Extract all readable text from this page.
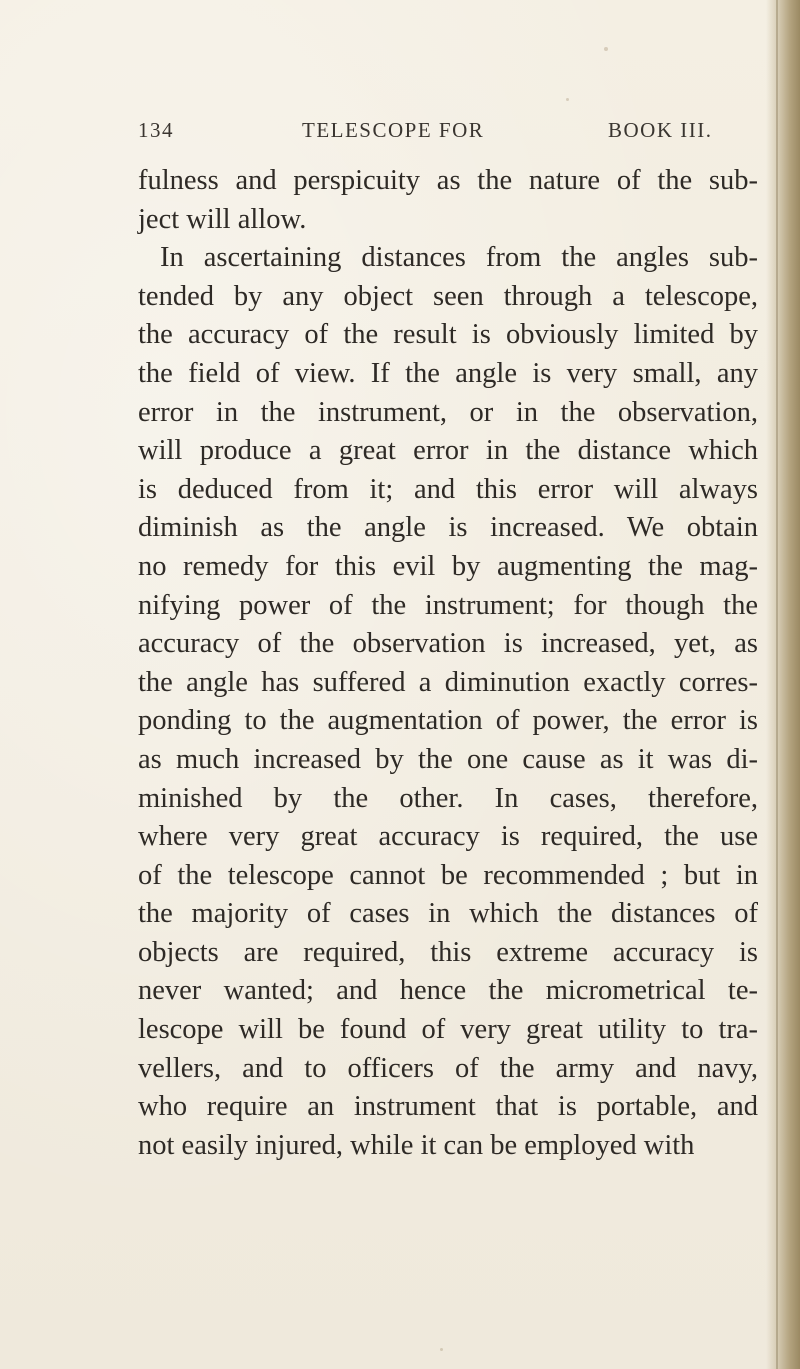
134	TELESCOPE FOR	BOOK III.
fulness and perspicuity as the nature of the sub-
ject will allow.
In ascertaining distances from the angles sub-
tended by any object seen through a telescope,
the accuracy of the result is obviously limited by
the field of view. If the angle is very small, any
error in the instrument, or in the observation,
will produce a great error in the distance which
is deduced from it; and this error will always
diminish as the angle is increased. We obtain
no remedy for this evil by augmenting the mag-
nifying power of the instrument; for though the
accuracy of the observation is increased, yet, as
the angle has suffered a diminution exactly corres-
ponding to the augmentation of power, the error is
as much increased by the one cause as it was di-
minished by the other. In cases, therefore,
where very great accuracy is required, the use
of the telescope cannot be recommended ; but in
the majority of cases in which the distances of
objects are required, this extreme accuracy is
never wanted; and hence the micrometrical te-
lescope will be found of very great utility to tra-
vellers, and to officers of the army and navy,
who require an instrument that is portable, and
not easily injured, while it can be employed with
